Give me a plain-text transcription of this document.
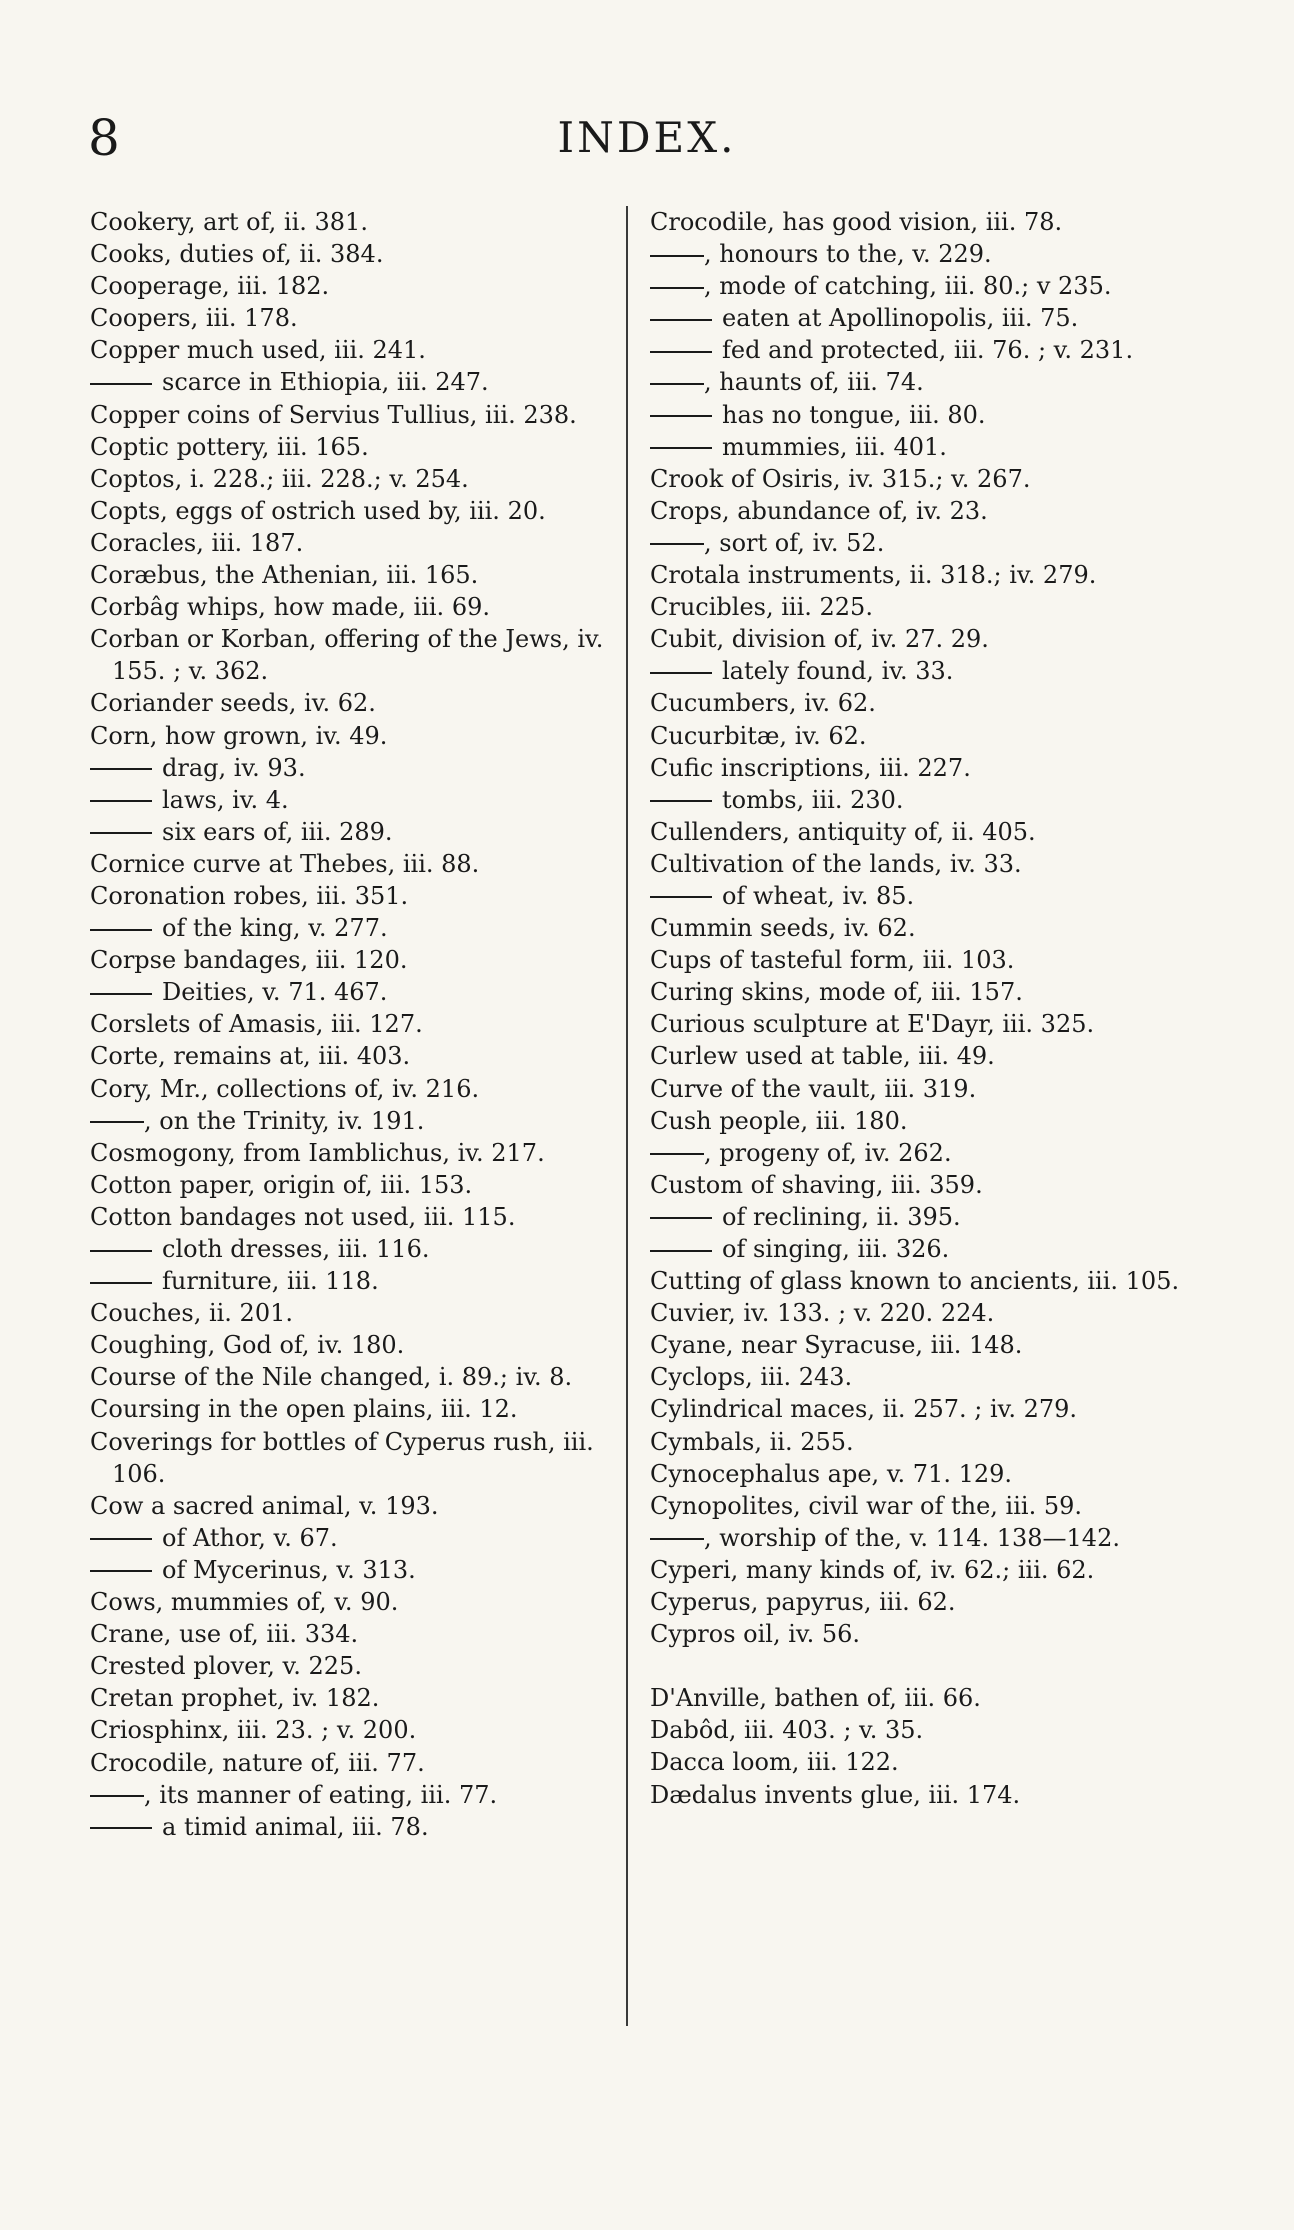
8	INDEX.
Cookery, art of, ii. 381.
Cooks, duties of, ii. 384.
Cooperage, iii. 182.
Coopers, iii. 178.
Copper much used, iii. 241.
scarce in Ethiopia, iii. 247.
Copper coins of Servius Tullius, iii. 238.
Coptic pottery, iii. 165.
Coptos, i. 228.; iii. 228.; v. 254.
Copts, eggs of ostrich used by, iii. 20.
Coracles, iii. 187.
Coræbus, the Athenian, iii. 165.
Corbâg whips, how made, iii. 69.
Corban or Korban, offering of the Jews, iv. 155. ; v. 362.
Coriander seeds, iv. 62.
Corn, how grown, iv. 49.
drag, iv. 93.
laws, iv. 4.
six ears of, iii. 289.
Cornice curve at Thebes, iii. 88.
Coronation robes, iii. 351.
of the king, v. 277.
Corpse bandages, iii. 120.
Deities, v. 71. 467.
Corslets of Amasis, iii. 127.
Corte, remains at, iii. 403.
Cory, Mr., collections of, iv. 216.
, on the Trinity, iv. 191.
Cosmogony, from Iamblichus, iv. 217.
Cotton paper, origin of, iii. 153.
Cotton bandages not used, iii. 115.
cloth dresses, iii. 116.
furniture, iii. 118.
Couches, ii. 201.
Coughing, God of, iv. 180.
Course of the Nile changed, i. 89.; iv. 8.
Coursing in the open plains, iii. 12.
Coverings for bottles of Cyperus rush, iii. 106.
Cow a sacred animal, v. 193.
of Athor, v. 67.
of Mycerinus, v. 313.
Cows, mummies of, v. 90.
Crane, use of, iii. 334.
Crested plover, v. 225.
Cretan prophet, iv. 182.
Criosphinx, iii. 23. ; v. 200.
Crocodile, nature of, iii. 77.
, its manner of eating, iii. 77.
a timid animal, iii. 78.
Crocodile, has good vision, iii. 78.
, honours to the, v. 229.
, mode of catching, iii. 80.; v 235.
eaten at Apollinopolis, iii. 75.
fed and protected, iii. 76. ; v. 231.
, haunts of, iii. 74.
has no tongue, iii. 80.
mummies, iii. 401.
Crook of Osiris, iv. 315.; v. 267.
Crops, abundance of, iv. 23.
, sort of, iv. 52.
Crotala instruments, ii. 318.; iv. 279.
Crucibles, iii. 225.
Cubit, division of, iv. 27. 29.
lately found, iv. 33.
Cucumbers, iv. 62.
Cucurbitæ, iv. 62.
Cufic inscriptions, iii. 227.
tombs, iii. 230.
Cullenders, antiquity of, ii. 405.
Cultivation of the lands, iv. 33.
of wheat, iv. 85.
Cummin seeds, iv. 62.
Cups of tasteful form, iii. 103.
Curing skins, mode of, iii. 157.
Curious sculpture at E'Dayr, iii. 325.
Curlew used at table, iii. 49.
Curve of the vault, iii. 319.
Cush people, iii. 180.
, progeny of, iv. 262.
Custom of shaving, iii. 359.
of reclining, ii. 395.
of singing, iii. 326.
Cutting of glass known to ancients, iii. 105.
Cuvier, iv. 133. ; v. 220. 224.
Cyane, near Syracuse, iii. 148.
Cyclops, iii. 243.
Cylindrical maces, ii. 257. ; iv. 279.
Cymbals, ii. 255.
Cynocephalus ape, v. 71. 129.
Cynopolites, civil war of the, iii. 59.
, worship of the, v. 114. 138—142.
Cyperi, many kinds of, iv. 62.; iii. 62.
Cyperus, papyrus, iii. 62.
Cypros oil, iv. 56.
D'Anville, bathen of, iii. 66.
Dabôd, iii. 403. ; v. 35.
Dacca loom, iii. 122.
Dædalus invents glue, iii. 174.
